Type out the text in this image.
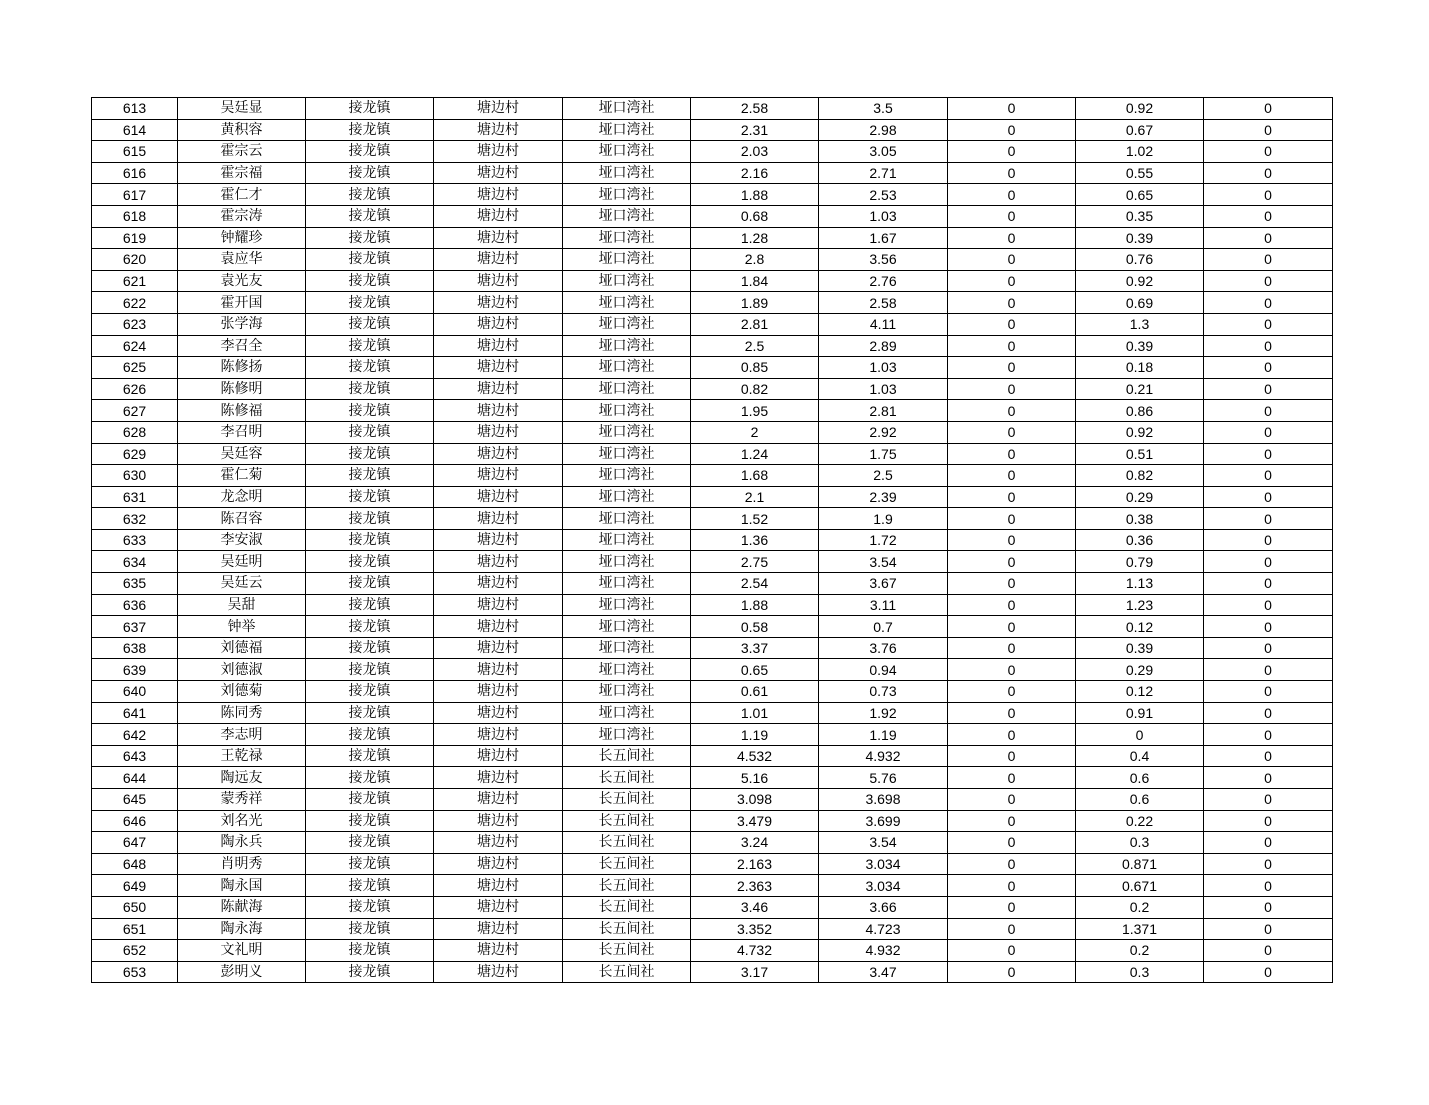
613	吴廷显	接龙镇	塘边村	垭口湾社	2.58	3.5	0	0.92	0
614	黄积容	接龙镇	塘边村	垭口湾社	2.31	2.98	0	0.67	0
615	霍宗云	接龙镇	塘边村	垭口湾社	2.03	3.05	0	1.02	0
616	霍宗福	接龙镇	塘边村	垭口湾社	2.16	2.71	0	0.55	0
617	霍仁才	接龙镇	塘边村	垭口湾社	1.88	2.53	0	0.65	0
618	霍宗涛	接龙镇	塘边村	垭口湾社	0.68	1.03	0	0.35	0
619	钟耀珍	接龙镇	塘边村	垭口湾社	1.28	1.67	0	0.39	0
620	袁应华	接龙镇	塘边村	垭口湾社	2.8	3.56	0	0.76	0
621	袁光友	接龙镇	塘边村	垭口湾社	1.84	2.76	0	0.92	0
622	霍开国	接龙镇	塘边村	垭口湾社	1.89	2.58	0	0.69	0
623	张学海	接龙镇	塘边村	垭口湾社	2.81	4.11	0	1.3	0
624	李召全	接龙镇	塘边村	垭口湾社	2.5	2.89	0	0.39	0
625	陈修扬	接龙镇	塘边村	垭口湾社	0.85	1.03	0	0.18	0
626	陈修明	接龙镇	塘边村	垭口湾社	0.82	1.03	0	0.21	0
627	陈修福	接龙镇	塘边村	垭口湾社	1.95	2.81	0	0.86	0
628	李召明	接龙镇	塘边村	垭口湾社	2	2.92	0	0.92	0
629	吴廷容	接龙镇	塘边村	垭口湾社	1.24	1.75	0	0.51	0
630	霍仁菊	接龙镇	塘边村	垭口湾社	1.68	2.5	0	0.82	0
631	龙念明	接龙镇	塘边村	垭口湾社	2.1	2.39	0	0.29	0
632	陈召容	接龙镇	塘边村	垭口湾社	1.52	1.9	0	0.38	0
633	李安淑	接龙镇	塘边村	垭口湾社	1.36	1.72	0	0.36	0
634	吴廷明	接龙镇	塘边村	垭口湾社	2.75	3.54	0	0.79	0
635	吴廷云	接龙镇	塘边村	垭口湾社	2.54	3.67	0	1.13	0
636	吴甜	接龙镇	塘边村	垭口湾社	1.88	3.11	0	1.23	0
637	钟举	接龙镇	塘边村	垭口湾社	0.58	0.7	0	0.12	0
638	刘德福	接龙镇	塘边村	垭口湾社	3.37	3.76	0	0.39	0
639	刘德淑	接龙镇	塘边村	垭口湾社	0.65	0.94	0	0.29	0
640	刘德菊	接龙镇	塘边村	垭口湾社	0.61	0.73	0	0.12	0
641	陈同秀	接龙镇	塘边村	垭口湾社	1.01	1.92	0	0.91	0
642	李志明	接龙镇	塘边村	垭口湾社	1.19	1.19	0	0	0
643	王乾禄	接龙镇	塘边村	长五间社	4.532	4.932	0	0.4	0
644	陶远友	接龙镇	塘边村	长五间社	5.16	5.76	0	0.6	0
645	蒙秀祥	接龙镇	塘边村	长五间社	3.098	3.698	0	0.6	0
646	刘名光	接龙镇	塘边村	长五间社	3.479	3.699	0	0.22	0
647	陶永兵	接龙镇	塘边村	长五间社	3.24	3.54	0	0.3	0
648	肖明秀	接龙镇	塘边村	长五间社	2.163	3.034	0	0.871	0
649	陶永国	接龙镇	塘边村	长五间社	2.363	3.034	0	0.671	0
650	陈献海	接龙镇	塘边村	长五间社	3.46	3.66	0	0.2	0
651	陶永海	接龙镇	塘边村	长五间社	3.352	4.723	0	1.371	0
652	文礼明	接龙镇	塘边村	长五间社	4.732	4.932	0	0.2	0
653	彭明义	接龙镇	塘边村	长五间社	3.17	3.47	0	0.3	0
